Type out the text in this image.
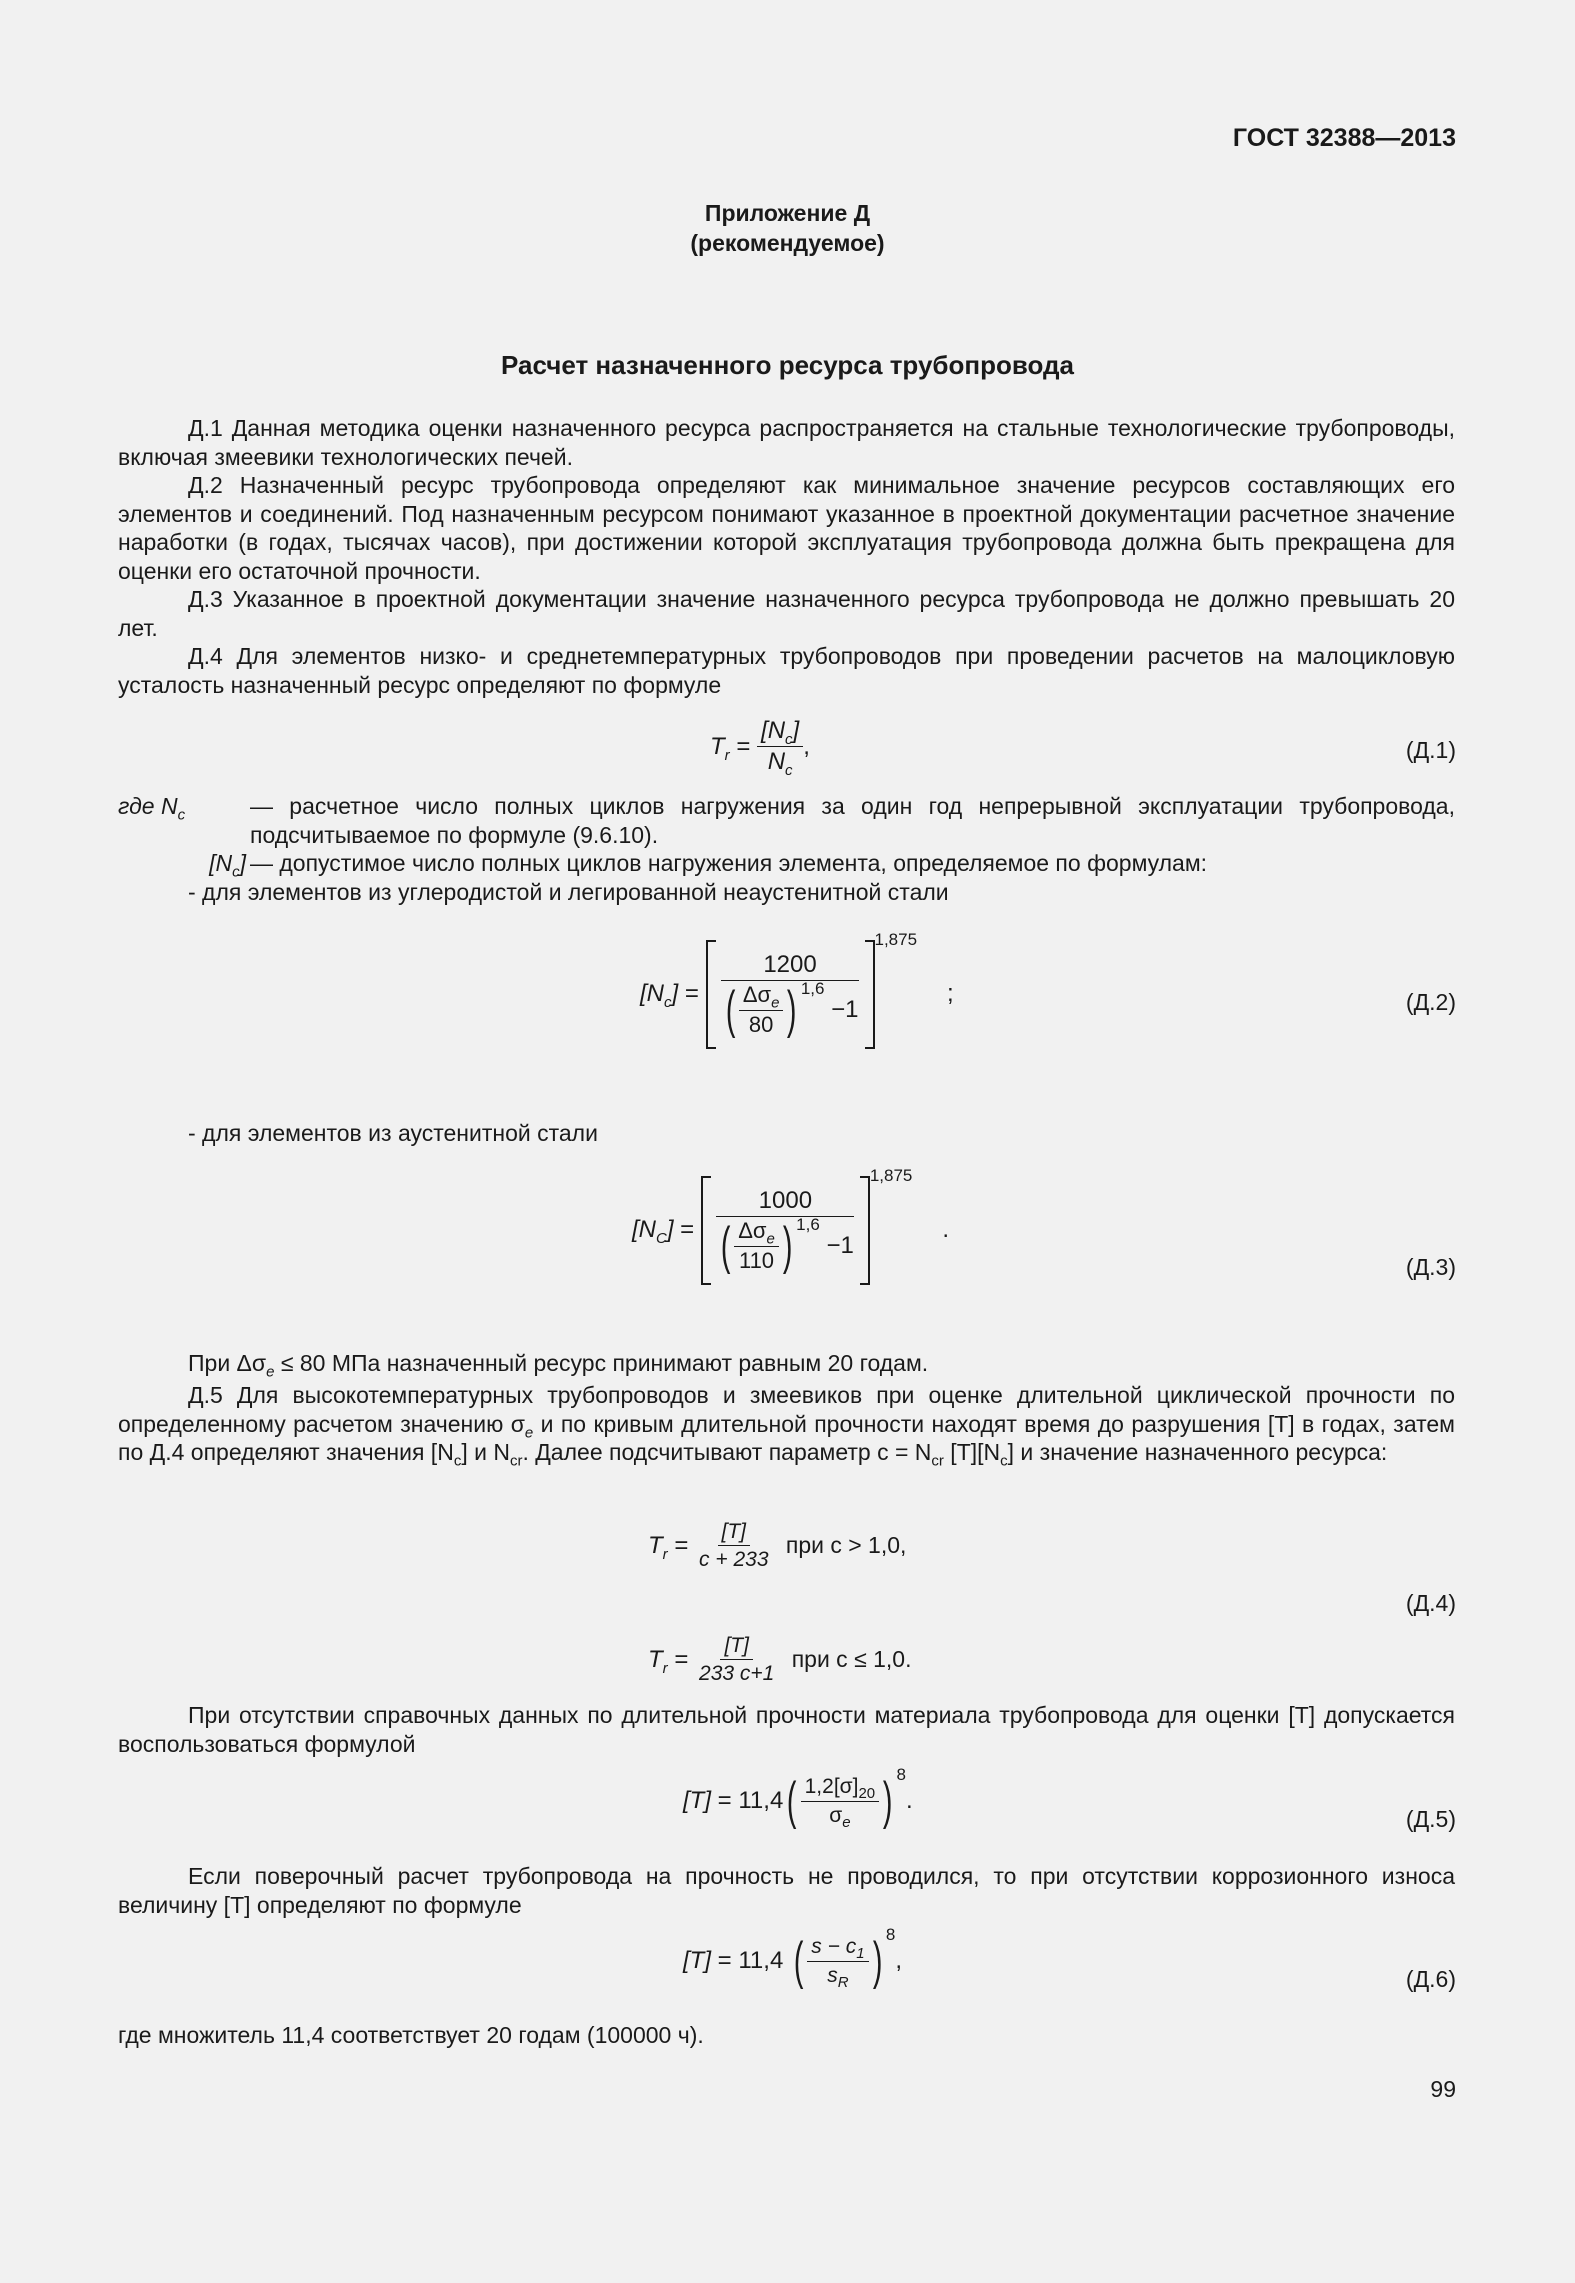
ГОСТ 32388—2013
Приложение Д
(рекомендуемое)
Расчет назначенного ресурса трубопровода
Д.1 Данная методика оценки назначенного ресурса распространяется на стальные технологические трубопроводы, включая змеевики технологических печей.
Д.2 Назначенный ресурс трубопровода определяют как минимальное значение ресурсов составляющих его элементов и соединений. Под назначенным ресурсом понимают указанное в проектной документации расчетное значение наработки (в годах, тысячах часов), при достижении которой эксплуатация трубопровода должна быть прекращена для оценки его остаточной прочности.
Д.3 Указанное в проектной документации значение назначенного ресурса трубопровода не должно превышать 20 лет.
Д.4 Для элементов низко- и среднетемпературных трубопроводов при проведении расчетов на малоцикловую усталость назначенный ресурс определяют по формуле
$T_r = \frac{[N_c]}{N_c}$ ,	(Д.1)
где $N_c$	— расчетное число полных циклов нагружения за один год непрерывной эксплуатации трубопровода, подсчитываемое по формуле (9.6.10).
$[N_c]$ — допустимое число полных циклов нагружения элемента, определяемое по формулам:
- для элементов из углеродистой и легированной неаустенитной стали
$[N_c] = 1200$
( $\frac{\Delta\sigma_e}{80}$ ) 1,6

−1
1,875
;	(Д.2)
- для элементов из аустенитной стали
$[N_C] = 1000$
( $\frac{\Delta\sigma_e}{110}$ ) 1,6

−1
1,875
.
(Д.3)
При $\Delta\sigma_e \le 80$ МПа назначенный ресурс принимают равным 20 годам.
Д.5 Для высокотемпературных трубопроводов и змеевиков при оценке длительной циклической прочности по определенному расчетом значению $\sigma_e$ и по кривым длительной прочности находят время до разрушения [T] в годах, затем по Д.4 определяют значения $[N_c]$ и $N_{cr}$. Далее подсчитывают параметр $c = N_{cr}$ $[T][N_c]$ и значение назначенного ресурса:
$T_r = \frac{[T]}{c + 233}$
при c > 1,0,
(Д.4)
$T_r = \frac{[T]}{233 c+1}$
при c ≤ 1,0.
При отсутствии справочных данных по длительной прочности материала трубопровода для оценки [T] допускается воспользоваться формулой
[T]
= 11,4 ( $\frac{1,2[\sigma]_{20}}{\sigma_e}$ ) 8
.
(Д.5)
Если поверочный расчет трубопровода на прочность не проводился, то при отсутствии коррозионного износа величину [T] определяют по формуле
[T]
= 11,4
( $\frac{s - c_1}{s_R}$ ) 8
,
(Д.6)
где множитель 11,4 соответствует 20 годам (100000 ч).
99
